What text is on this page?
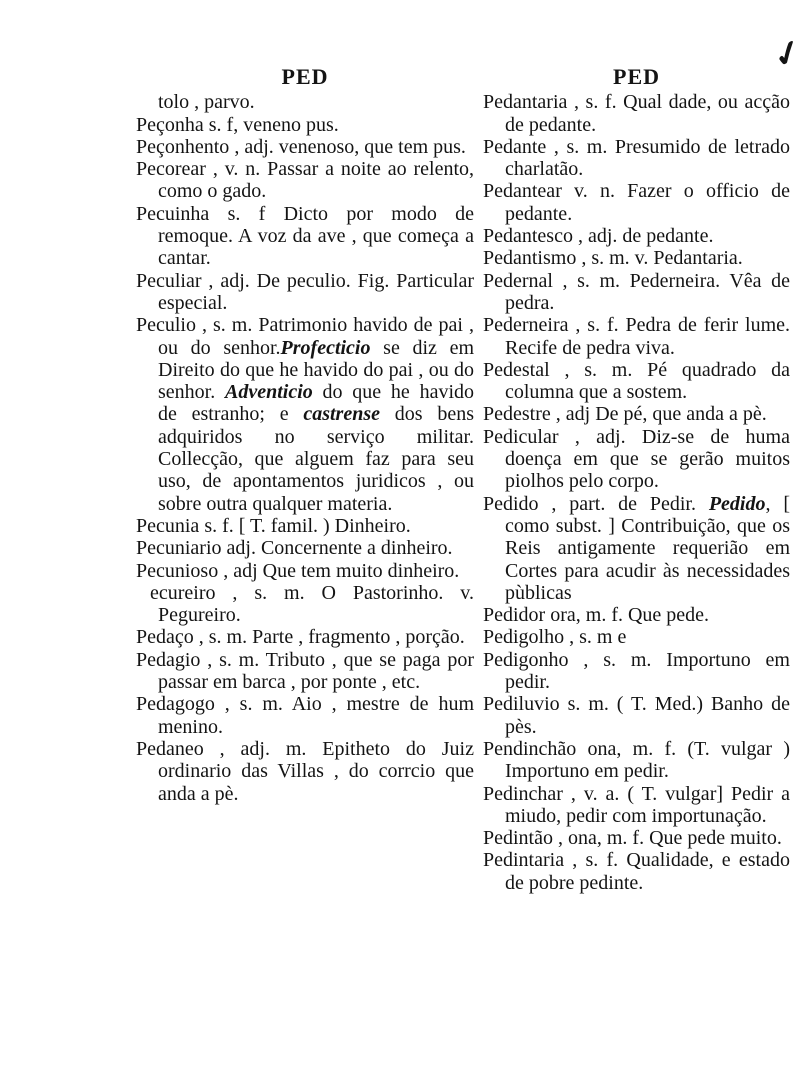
✓
PED

tolo , parvo.

Peçonha s. f, veneno pus.

Peçonhento , adj. venenoso, que tem pus.

Pecorear , v. n. Passar a noite ao relento, como o gado.

Pecuinha s. f Dicto por modo de remoque. A voz da ave , que começa a cantar.

Peculiar , adj. De peculio. Fig. Particular especial.

Peculio , s. m. Patrimonio havido de pai , ou do senhor.Profecticio se diz em Direito do que he havido do pai , ou do senhor. Adventicio do que he havido de estranho; e castrense dos bens adquiridos no serviço militar. Collecção, que alguem faz para seu uso, de apontamentos juridicos , ou sobre outra qualquer materia.

Pecunia s. f. [ T. famil. ) Dinheiro.

Pecuniario adj. Concernente a dinheiro.

Pecunioso , adj Que tem muito dinheiro.

ecureiro , s. m. O Pastorinho. v. Pegureiro.

Pedaço , s. m. Parte , fragmento , porção.

Pedagio , s. m. Tributo , que se paga por passar em barca , por ponte , etc.

Pedagogo , s. m. Aio , mestre de hum menino.

Pedaneo , adj. m. Epitheto do Juiz ordinario das Villas , do corrcio que anda a pè.

PED

Pedantaria , s. f. Qual dade, ou acção de pedante.

Pedante , s. m. Presumido de letrado charlatão.

Pedantear v. n. Fazer o officio de pedante.

Pedantesco , adj. de pedante.

Pedantismo , s. m. v. Pedantaria.

Pedernal , s. m. Pederneira. Vêa de pedra.

Pederneira , s. f. Pedra de ferir lume. Recife de pedra viva.

Pedestal , s. m. Pé quadrado da columna que a sostem.

Pedestre , adj De pé, que anda a pè.

Pedicular , adj. Diz-se de huma doença em que se gerão muitos piolhos pelo corpo.

Pedido , part. de Pedir. Pedido, [ como subst. ] Contribuição, que os Reis antigamente requerião em Cortes para acudir às necessidades pùblicas

Pedidor ora, m. f. Que pede.

Pedigolho , s. m e

Pedigonho , s. m. Importuno em pedir.

Pediluvio s. m. ( T. Med.) Banho de pès.

Pendinchão ona, m. f. (T. vulgar ) Importuno em pedir.

Pedinchar , v. a. ( T. vulgar] Pedir a miudo, pedir com importunação.

Pedintão , ona, m. f. Que pede muito.

Pedintaria , s. f. Qualidade, e estado de pobre pedinte.
